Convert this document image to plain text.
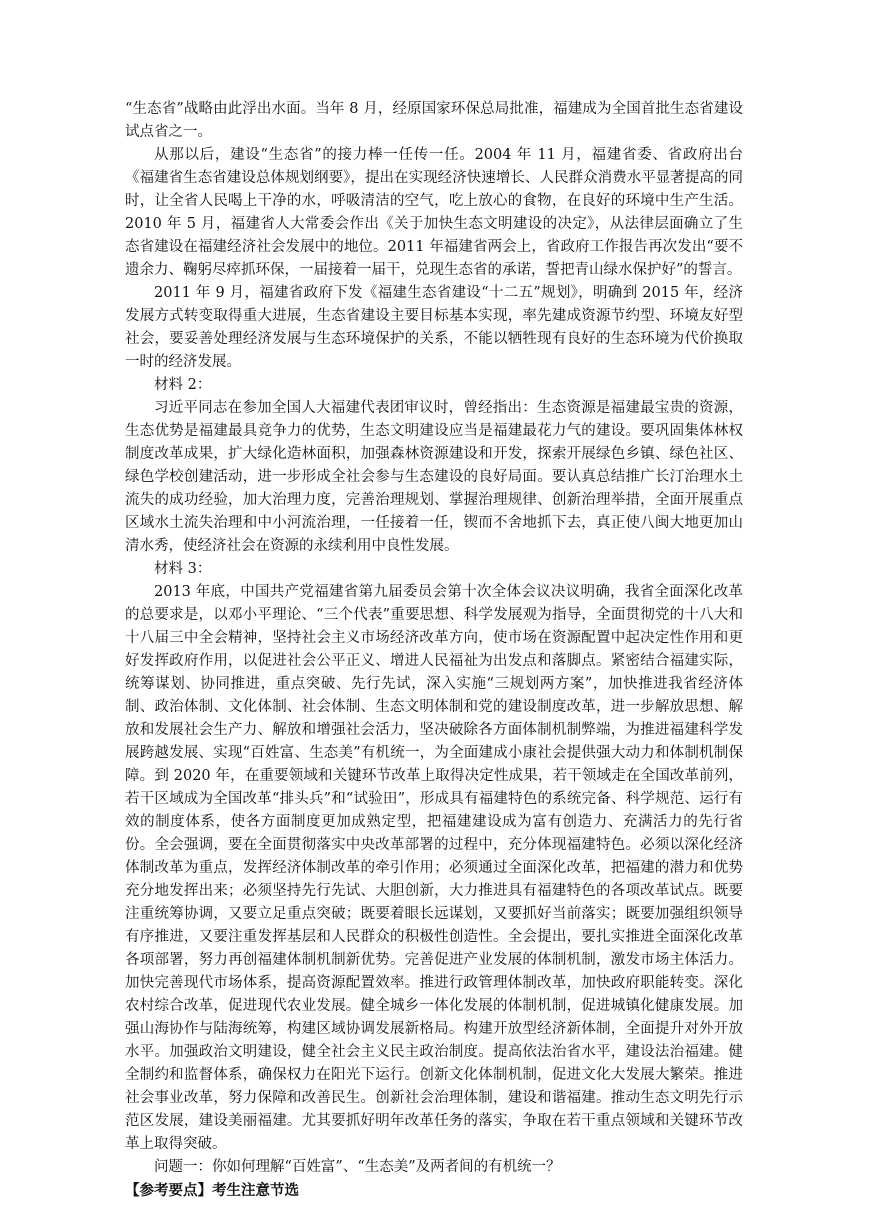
“生态省”战略由此浮出水面。当年 8 月，经原国家环保总局批准，福建成为全国首批生态省建设试点省之一。

从那以后，建设“生态省”的接力棒一任传一任。2004 年 11 月，福建省委、省政府出台《福建省生态省建设总体规划纲要》，提出在实现经济快速增长、人民群众消费水平显著提高的同时，让全省人民喝上干净的水，呼吸清洁的空气，吃上放心的食物，在良好的环境中生产生活。2010 年 5 月，福建省人大常委会作出《关于加快生态文明建设的决定》，从法律层面确立了生态省建设在福建经济社会发展中的地位。2011 年福建省两会上，省政府工作报告再次发出“要不遗余力、鞠躬尽瘁抓环保，一届接着一届干，兑现生态省的承诺，誓把青山绿水保护好”的誓言。

2011 年 9 月，福建省政府下发《福建生态省建设“十二五”规划》，明确到 2015 年，经济发展方式转变取得重大进展，生态省建设主要目标基本实现，率先建成资源节约型、环境友好型社会，要妥善处理经济发展与生态环境保护的关系，不能以牺牲现有良好的生态环境为代价换取一时的经济发展。

材料 2：

习近平同志在参加全国人大福建代表团审议时，曾经指出：生态资源是福建最宝贵的资源，生态优势是福建最具竞争力的优势，生态文明建设应当是福建最花力气的建设。要巩固集体林权制度改革成果，扩大绿化造林面积，加强森林资源建设和开发，探索开展绿色乡镇、绿色社区、绿色学校创建活动，进一步形成全社会参与生态建设的良好局面。要认真总结推广长汀治理水土流失的成功经验，加大治理力度，完善治理规划、掌握治理规律、创新治理举措，全面开展重点区域水土流失治理和中小河流治理，一任接着一任，锲而不舍地抓下去，真正使八闽大地更加山清水秀，使经济社会在资源的永续利用中良性发展。

材料 3：

2013 年底，中国共产党福建省第九届委员会第十次全体会议决议明确，我省全面深化改革的总要求是，以邓小平理论、“三个代表”重要思想、科学发展观为指导，全面贯彻党的十八大和十八届三中全会精神，坚持社会主义市场经济改革方向，使市场在资源配置中起决定性作用和更好发挥政府作用，以促进社会公平正义、增进人民福祉为出发点和落脚点。紧密结合福建实际，统筹谋划、协同推进，重点突破、先行先试，深入实施“三规划两方案”，加快推进我省经济体制、政治体制、文化体制、社会体制、生态文明体制和党的建设制度改革，进一步解放思想、解放和发展社会生产力、解放和增强社会活力，坚决破除各方面体制机制弊端，为推进福建科学发展跨越发展、实现“百姓富、生态美”有机统一，为全面建成小康社会提供强大动力和体制机制保障。到 2020 年，在重要领域和关键环节改革上取得决定性成果，若干领域走在全国改革前列，若干区域成为全国改革“排头兵”和“试验田”，形成具有福建特色的系统完备、科学规范、运行有效的制度体系，使各方面制度更加成熟定型，把福建建设成为富有创造力、充满活力的先行省份。全会强调，要在全面贯彻落实中央改革部署的过程中，充分体现福建特色。必须以深化经济体制改革为重点，发挥经济体制改革的牵引作用；必须通过全面深化改革，把福建的潜力和优势充分地发挥出来；必须坚持先行先试、大胆创新，大力推进具有福建特色的各项改革试点。既要注重统筹协调，又要立足重点突破；既要着眼长远谋划，又要抓好当前落实；既要加强组织领导有序推进，又要注重发挥基层和人民群众的积极性创造性。全会提出，要扎实推进全面深化改革各项部署，努力再创福建体制机制新优势。完善促进产业发展的体制机制，激发市场主体活力。加快完善现代市场体系，提高资源配置效率。推进行政管理体制改革，加快政府职能转变。深化农村综合改革，促进现代农业发展。健全城乡一体化发展的体制机制，促进城镇化健康发展。加强山海协作与陆海统筹，构建区域协调发展新格局。构建开放型经济新体制，全面提升对外开放水平。加强政治文明建设，健全社会主义民主政治制度。提高依法治省水平，建设法治福建。健全制约和监督体系，确保权力在阳光下运行。创新文化体制机制，促进文化大发展大繁荣。推进社会事业改革，努力保障和改善民生。创新社会治理体制，建设和谐福建。推动生态文明先行示范区发展，建设美丽福建。尤其要抓好明年改革任务的落实，争取在若干重点领域和关键环节改革上取得突破。

问题一：你如何理解“百姓富”、“生态美”及两者间的有机统一？

【参考要点】考生注意节选
